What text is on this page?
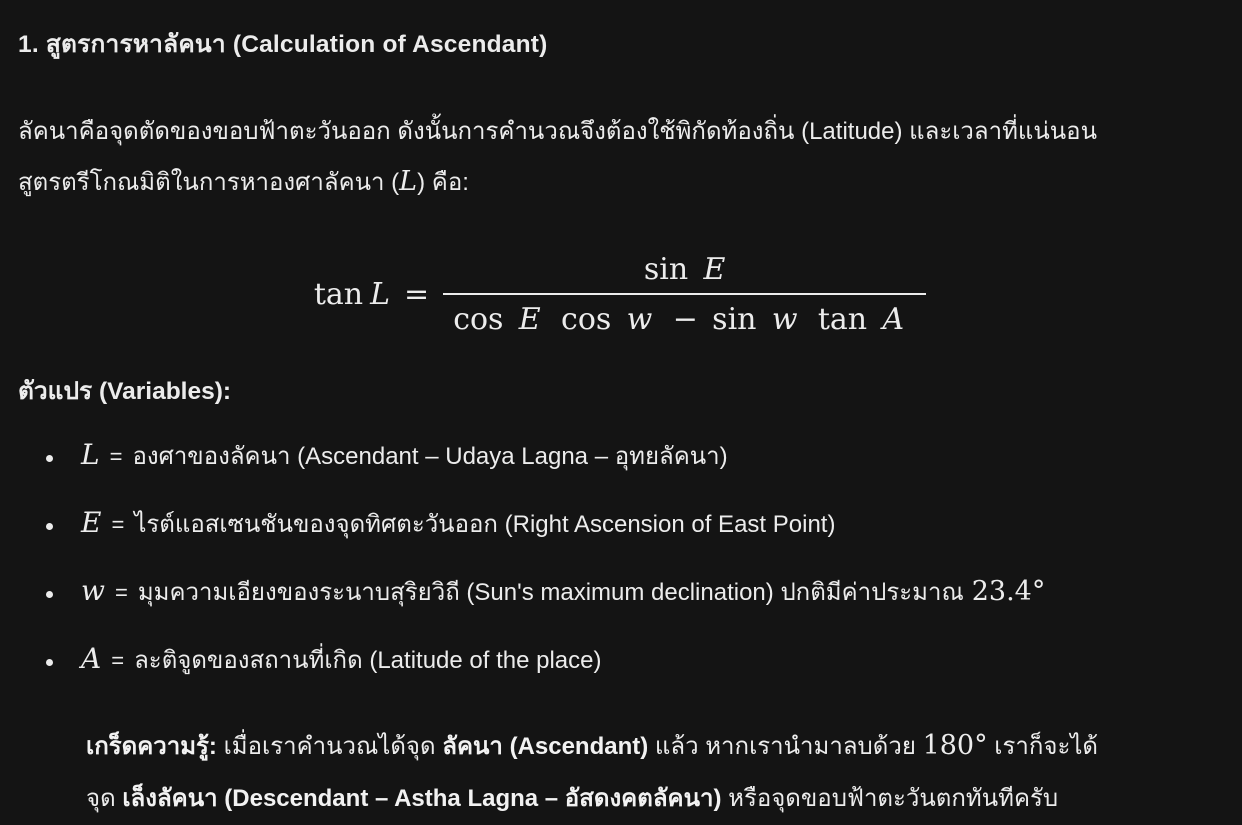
1. สูตรการหาลัคนา (Calculation of Ascendant)

ลัคนาคือจุดตัดของขอบฟ้าตะวันออก ดังนั้นการคำนวณจึงต้องใช้พิกัดท้องถิ่น (Latitude) และเวลาที่แน่นอน
สูตรตรีโกณมิติในการหาองศาลัคนา (L) คือ:

tan L =
sin E
cos E cos w − sin w tan A
ตัวแปร (Variables):
L = องศาของลัคนา (Ascendant – Udaya Lagna – อุทยลัคนา)
E = ไรต์แอสเซนชันของจุดทิศตะวันออก (Right Ascension of East Point)
w = มุมความเอียงของระนาบสุริยวิถี (Sun's maximum declination) ปกติมีค่าประมาณ 23.4°
A = ละติจูดของสถานที่เกิด (Latitude of the place)

เกร็ดความรู้: เมื่อเราคำนวณได้จุด ลัคนา (Ascendant) แล้ว หากเรานำมาลบด้วย 180° เราก็จะได้
จุด เล็งลัคนา (Descendant – Astha Lagna – อัสดงคตลัคนา) หรือจุดขอบฟ้าตะวันตกทันทีครับ
